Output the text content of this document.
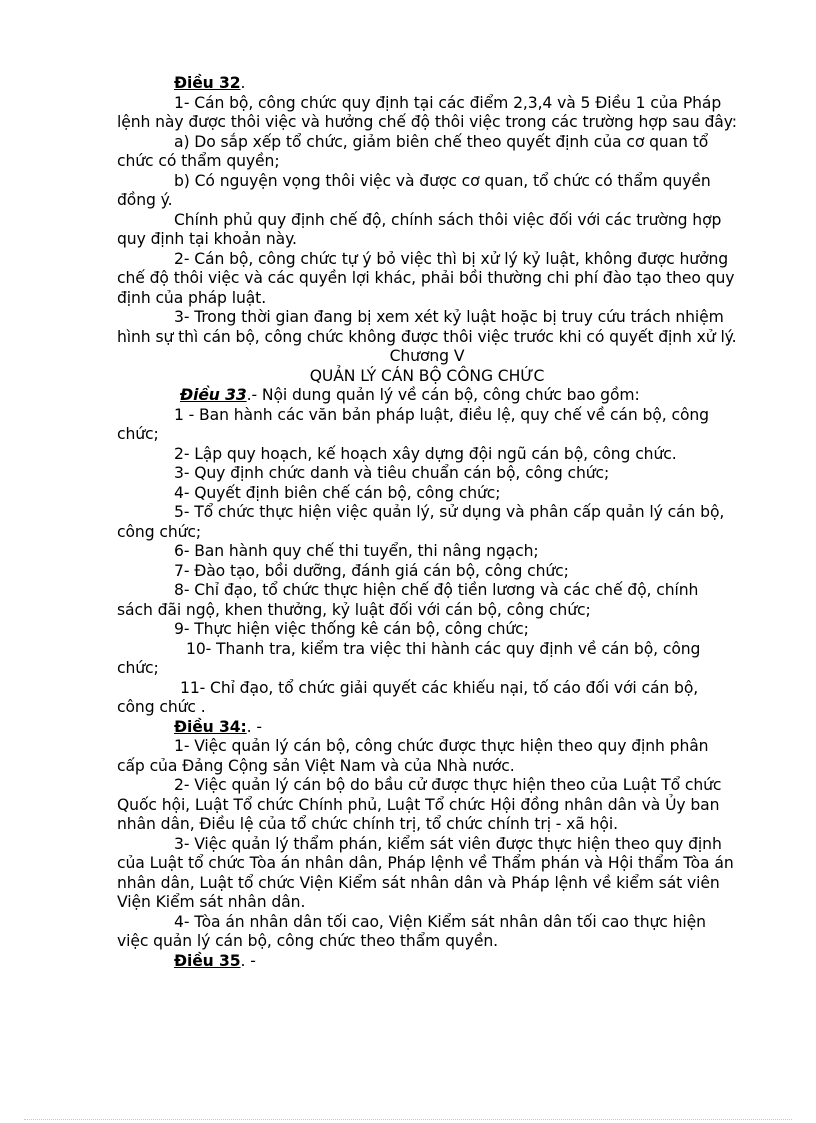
Điều 32.

1- Cán bộ, công chức quy định tại các điểm 2,3,4 và 5 Điều 1 của Pháp lệnh này được thôi việc và hưởng chế độ thôi việc trong các trường hợp sau đây:

a) Do sắp xếp tổ chức, giảm biên chế theo quyết định của cơ quan tổ chức có thẩm quyền;

b) Có nguyện vọng thôi việc và được cơ quan, tổ chức có thẩm quyền đồng ý.

Chính phủ quy định chế độ, chính sách thôi việc đối với các trường hợp quy định tại khoản này.

2- Cán bộ, công chức tự ý bỏ việc thì bị xử lý kỷ luật, không được hưởng chế độ thôi việc và các quyền lợi khác, phải bồi thường chi phí đào tạo theo quy định của pháp luật.

3- Trong thời gian đang bị xem xét kỷ luật hoặc bị truy cứu trách nhiệm hình sự thì cán bộ, công chức không được thôi việc trước khi có quyết định xử lý.

Chương V

QUẢN LÝ CÁN BỘ CÔNG CHỨC

Điều 33.- Nội dung quản lý về cán bộ, công chức bao gồm:

1 - Ban hành các văn bản pháp luật, điều lệ, quy chế về cán bộ, công chức;

2- Lập quy hoạch, kế hoạch xây dựng đội ngũ cán bộ, công chức.

3- Quy định chức danh và tiêu chuẩn cán bộ, công chức;

4- Quyết định biên chế cán bộ, công chức;

5- Tổ chức thực hiện việc quản lý, sử dụng và phân cấp quản lý cán bộ, công chức;

6- Ban hành quy chế thi tuyển, thi nâng ngạch;

7- Đào tạo, bồi dưỡng, đánh giá cán bộ, công chức;

8- Chỉ đạo, tổ chức thực hiện chế độ tiền lương và các chế độ, chính sách đãi ngộ, khen thưởng, kỷ luật đối với cán bộ, công chức;

9- Thực hiện việc thống kê cán bộ, công chức;

10- Thanh tra, kiểm tra việc thi hành các quy định về cán bộ, công chức;

11- Chỉ đạo, tổ chức giải quyết các khiếu nại, tố cáo đối với cán bộ, công chức .

Điều 34:. -

1- Việc quản lý cán bộ, công chức được thực hiện theo quy định phân cấp của Đảng Cộng sản Việt Nam và của Nhà nước.

2- Việc quản lý cán bộ do bầu cử được thực hiện theo của Luật Tổ chức Quốc hội, Luật Tổ chức Chính phủ, Luật Tổ chức Hội đồng nhân dân và Ủy ban nhân dân, Điều lệ của tổ chức chính trị, tổ chức chính trị - xã hội.

3- Việc quản lý thẩm phán, kiểm sát viên được thực hiện theo quy định của Luật tổ chức Tòa án nhân dân, Pháp lệnh về Thẩm phán và Hội thẩm Tòa án nhân dân, Luật tổ chức Viện Kiểm sát nhân dân và Pháp lệnh về kiểm sát viên Viện Kiểm sát nhân dân.

4- Tòa án nhân dân tối cao, Viện Kiểm sát nhân dân tối cao thực hiện việc quản lý cán bộ, công chức theo thẩm quyền.

Điều 35. -
